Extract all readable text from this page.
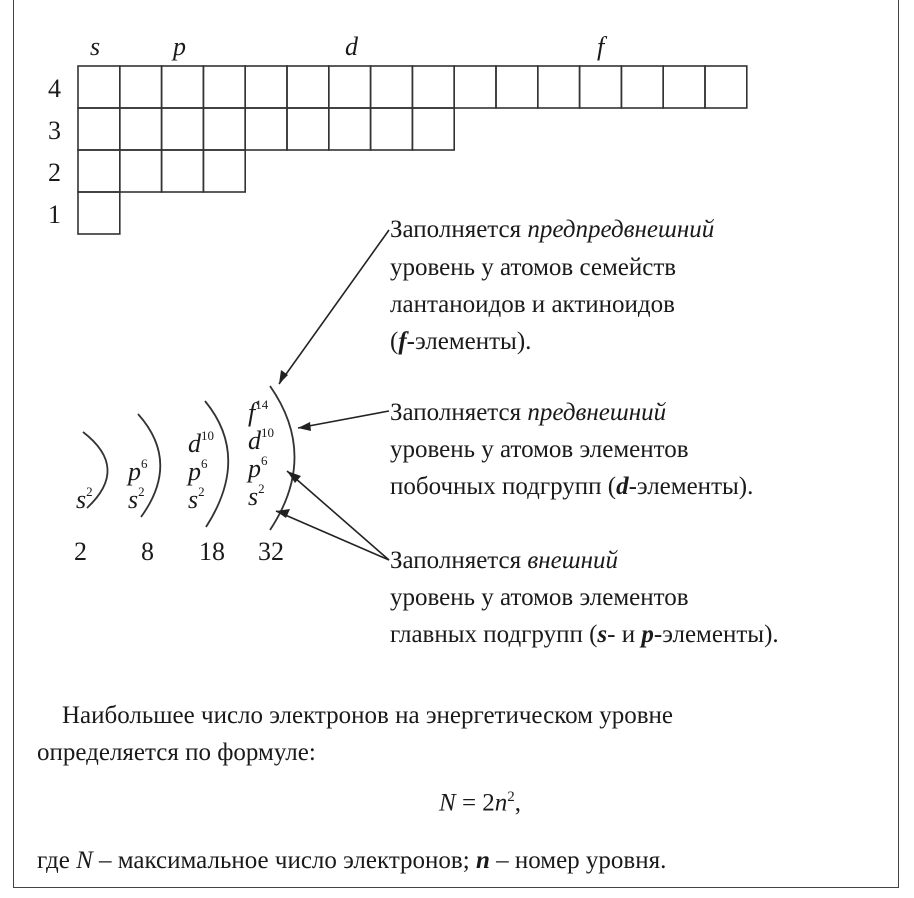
4
3
2
1
s	p	d	f
$s^2$
2
$p^6$
$s^2$
8
$d^{10}$
$p^6$
$s^2$
18
$f^{14}$
$d^{10}$
$p^6$
$s^2$
32
Заполняется предпредвнешний
уровень у атомов семейств
лантаноидов и актиноидов
(f-элементы).
Заполняется предвнешний
уровень у атомов элементов
побочных подгрупп (d-элементы).
Заполняется внешний
уровень у атомов элементов
главных подгрупп (s- и p-элементы).
Наибольшее число электронов на энергетическом уровне
определяется по формуле:
$N = 2n^2$,
где N – максимальное число электронов; n – номер уровня.
